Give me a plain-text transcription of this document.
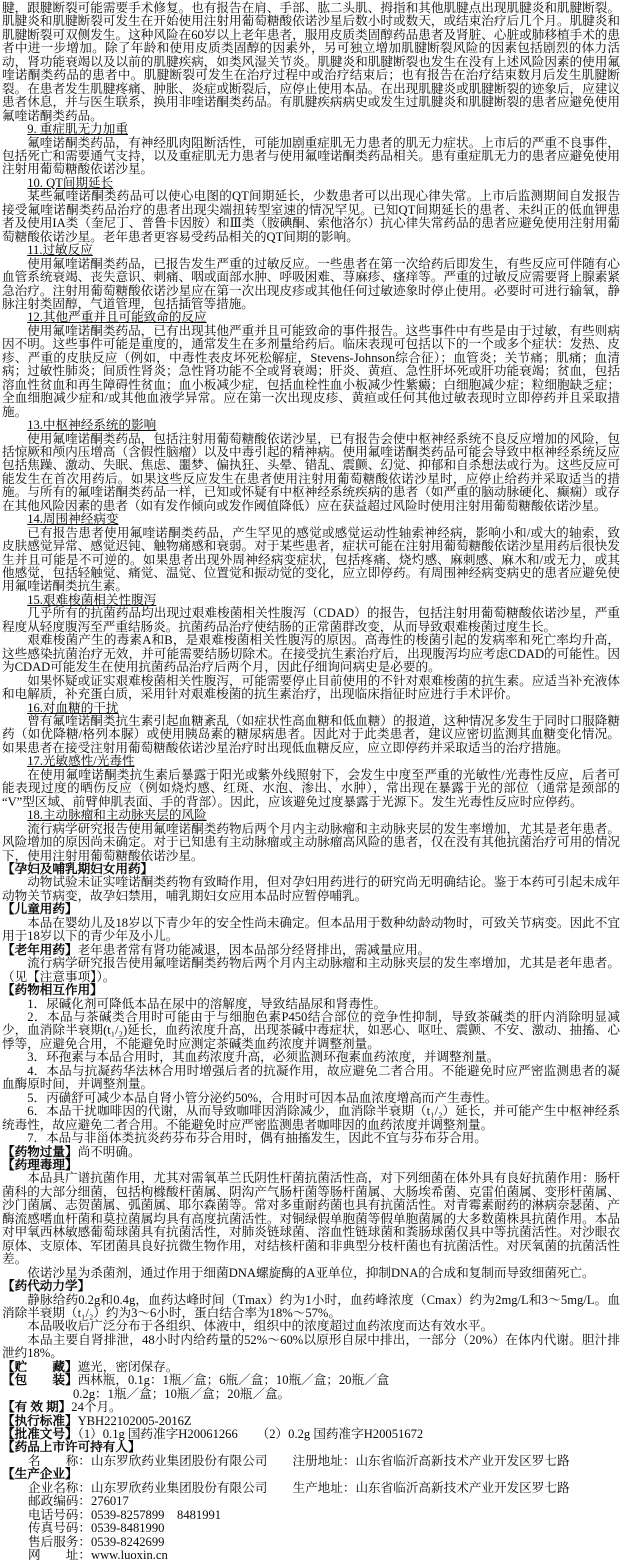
腱，跟腱断裂可能需要手术修复。也有报告在肩、手部、肱二头肌、拇指和其他肌腱点出现肌腱炎和肌腱断裂。肌腱炎和肌腱断裂可发生在开始使用注射用葡萄糖酸依诺沙星后数小时或数天，或结束治疗后几个月。肌腱炎和肌腱断裂可双侧发生。这种风险在60岁以上老年患者，服用皮质类固醇药品患者及肾脏、心脏或肺移植手术的患者中进一步增加。除了年龄和使用皮质类固醇的因素外，另可独立增加肌腱断裂风险的因素包括剧烈的体力活动，肾功能衰竭以及以前的肌腱疾病，如类风湿关节炎。肌腱炎和肌腱断裂也发生在没有上述风险因素的使用氟喹诺酮类药品的患者中。肌腱断裂可发生在治疗过程中或治疗结束后；也有报告在治疗结束数月后发生肌腱断裂。在患者发生肌腱疼痛、肿胀、炎症或断裂后，应停止使用本品。在出现肌腱炎或肌腱断裂的迹象后，应建议患者休息，并与医生联系，换用非喹诺酮类药品。有肌腱疾病病史或发生过肌腱炎和肌腱断裂的患者应避免使用氟喹诺酮类药品。
9. 重症肌无力加重
氟喹诺酮类药品，有神经肌肉阻断活性，可能加剧重症肌无力患者的肌无力症状。上市后的严重不良事件，包括死亡和需要通气支持，以及重症肌无力患者与使用氟喹诺酮类药品相关。患有重症肌无力的患者应避免使用注射用葡萄糖酸依诺沙星。
10. QT间期延长
某些氟喹诺酮类药品可以使心电图的QT间期延长，少数患者可以出现心律失常。上市后监测期间自发报告接受氟喹诺酮类药品治疗的患者出现尖端扭转型室速的情况罕见。已知QT间期延长的患者、未纠正的低血钾患者及使用IA类（奎尼丁、普鲁卡因胺）和Ⅲ类（胺碘酮、索他洛尔）抗心律失常药品的患者应避免使用注射用葡萄糖酸依诺沙星。老年患者更容易受药品相关的QT间期的影响。
11.过敏反应
使用氟喹诺酮类药品，已报告发生严重的过敏反应。一些患者在第一次给药后即发生，有些反应可伴随有心血管系统衰竭、丧失意识、刺痛、咽或面部水肿、呼吸困难、荨麻疹、瘙痒等。严重的过敏反应需要肾上腺素紧急治疗。注射用葡萄糖酸依诺沙星应在第一次出现皮疹或其他任何过敏迹象时停止使用。必要时可进行输氧，静脉注射类固醇，气道管理，包括插管等措施。
12.其他严重并且可能致命的反应
使用氟喹诺酮类药品，已有出现其他严重并且可能致命的事件报告。这些事件中有些是由于过敏，有些则病因不明。这些事件可能是重度的，通常发生在多剂量给药后。临床表现可包括以下的一个或多个症状：发热、皮疹、严重的皮肤反应（例如，中毒性表皮坏死松解症，Stevens-Johnson综合征）；血管炎；关节痛；肌痛；血清病；过敏性肺炎；间质性肾炎；急性肾功能不全或肾衰竭；肝炎、黄疸、急性肝坏死或肝功能衰竭；贫血，包括溶血性贫血和再生障碍性贫血；血小板减少症，包括血栓性血小板减少性紫癜；白细胞减少症；粒细胞缺乏症；全血细胞减少症和/或其他血液学异常。应在第一次出现皮疹、黄疸或任何其他过敏表现时立即停药并且采取措施。
13.中枢神经系统的影响
使用氟喹诺酮类药品，包括注射用葡萄糖酸依诺沙星，已有报告会使中枢神经系统不良反应增加的风险，包括惊厥和颅内压增高（含假性脑瘤）以及中毒引起的精神病。使用氟喹诺酮类药品可能会导致中枢神经系统反应包括焦躁、激动、失眠、焦虑、噩梦、偏执狂、头晕、错乱、震颤、幻觉、抑郁和自杀想法或行为。这些反应可能发生在首次用药后。如果这些反应发生在患者使用注射用葡萄糖酸依诺沙星时，应停止给药并采取适当的措施。与所有的氟喹诺酮类药品一样，已知或怀疑有中枢神经系统疾病的患者（如严重的脑动脉硬化、癫痫）或存在其他风险因素的患者（如有发作倾向或发作阈值降低）应在获益超过风险时使用注射用葡萄糖酸依诺沙星。
14.周围神经病变
已有报告患者使用氟喹诺酮类药品，产生罕见的感觉或感觉运动性轴索神经病，影响小和/或大的轴索，致皮肤感觉异常、感觉迟钝、触物痛感和衰弱。对于某些患者，症状可能在注射用葡萄糖酸依诺沙星用药后很快发生并且可能是不可逆的。如果患者出现外周神经病变症状，包括疼痛、烧灼感、麻刺感、麻木和/或无力，或其他感觉，包括轻触觉、痛觉、温觉、位置觉和振动觉的变化，应立即停药。有周围神经病变病史的患者应避免使用氟喹诺酮类抗生素。
15.艰难梭菌相关性腹泻
几乎所有的抗菌药品均出现过艰难梭菌相关性腹泻（CDAD）的报告，包括注射用葡萄糖酸依诺沙星，严重程度从轻度腹泻至严重结肠炎。抗菌药品治疗使结肠的正常菌群改变，从而导致艰难梭菌过度生长。
艰难梭菌产生的毒素A和B，是艰难梭菌相关性腹泻的原因。高毒性的梭菌引起的发病率和死亡率均升高，这些感染抗菌治疗无效，并可能需要结肠切除术。在接受抗生素治疗后，出现腹泻均应考虑CDAD的可能性。因为CDAD可能发生在使用抗菌药品治疗后两个月，因此仔细询问病史是必要的。
如果怀疑或证实艰难梭菌相关性腹泻，可能需要停止目前使用的不针对艰难梭菌的抗生素。应适当补充液体和电解质，补充蛋白质，采用针对艰难梭菌的抗生素治疗，出现临床指征时应进行手术评价。
16.对血糖的干扰
曾有氟喹诺酮类抗生素引起血糖紊乱（如症状性高血糖和低血糖）的报道，这种情况多发生于同时口服降糖药（如优降糖/格列本脲）或使用胰岛素的糖尿病患者。因此对于此类患者，建议应密切监测其血糖变化情况。如果患者在接受注射用葡萄糖酸依诺沙星治疗时出现低血糖反应，应立即停药并采取适当的治疗措施。
17.光敏感性/光毒性
在使用氟喹诺酮类抗生素后暴露于阳光或紫外线照射下，会发生中度至严重的光敏性/光毒性反应，后者可能表现过度的晒伤反应（例如烧灼感、红斑、水泡、渗出、水肿），常出现在暴露于光的部位（通常是颈部的“V”型区域、前臂伸肌表面、手的背部）。因此，应该避免过度暴露于光源下。发生光毒性反应时应停药。
18.主动脉瘤和主动脉夹层的风险
流行病学研究报告使用氟喹诺酮类药物后两个月内主动脉瘤和主动脉夹层的发生率增加，尤其是老年患者。风险增加的原因尚未确定。对于已知患有主动脉瘤或主动脉瘤高风险的患者，仅在没有其他抗菌治疗可用的情况下，使用注射用葡萄糖酸依诺沙星。
【孕妇及哺乳期妇女用药】
动物试验未证实喹诺酮类药物有致畸作用，但对孕妇用药进行的研究尚无明确结论。鉴于本药可引起未成年动物关节病变，故孕妇禁用，哺乳期妇女应用本品时应暂停哺乳。
【儿童用药】
本品在婴幼儿及18岁以下青少年的安全性尚未确定。但本品用于数种幼龄动物时，可致关节病变。因此不宜用于18岁以下的青少年及小儿。
【老年用药】老年患者常有肾功能减退，因本品部分经肾排出，需减量应用。
流行病学研究报告使用氟喹诺酮类药物后两个月内主动脉瘤和主动脉夹层的发生率增加，尤其是老年患者。（见【注意事项】）。
【药物相互作用】
1．尿碱化剂可降低本品在尿中的溶解度，导致结晶尿和肾毒性。
2．本品与茶碱类合用时可能由于与细胞色素P450结合部位的竞争性抑制，导致茶碱类的肝内消除明显减少，血消除半衰期(t₁/₂)延长，血药浓度升高，出现茶碱中毒症状，如恶心、呕吐、震颤、不安、激动、抽搐、心悸等，应避免合用，不能避免时应测定茶碱类血药浓度并调整剂量。
3．环孢素与本品合用时，其血药浓度升高，必须监测环孢素血药浓度，并调整剂量。
4．本品与抗凝药华法林合用时增强后者的抗凝作用，故应避免二者合用。不能避免时应严密监测患者的凝血酶原时间，并调整剂量。
5．丙磺舒可减少本品自肾小管分泌约50%，合用时可因本品血浓度增高而产生毒性。
6．本品干扰咖啡因的代谢，从而导致咖啡因消除减少，血消除半衰期（t₁/₂）延长，并可能产生中枢神经系统毒性，故应避免二者合用。不能避免时应严密监测患者咖啡因的血药浓度并调整剂量。
7．本品与非甾体类抗炎药芬布芬合用时，偶有抽搐发生，因此不宜与芬布芬合用。
【药物过量】尚不明确。
【药理毒理】
本品具广谱抗菌作用，尤其对需氧革兰氏阴性杆菌抗菌活性高，对下列细菌在体外具有良好抗菌作用：肠杆菌科的大部分细菌，包括枸橼酸杆菌属、阴沟产气肠杆菌等肠杆菌属、大肠埃希菌、克雷伯菌属、变形杆菌属、沙门菌属、志贺菌属、弧菌属、耶尔森菌等。常对多重耐药菌也具有抗菌活性。对青霉素耐药的淋病奈瑟菌、产酶流感嗜血杆菌和莫拉菌属均具有高度抗菌活性。对铜绿假单胞菌等假单胞菌属的大多数菌株具抗菌作用。本品对甲氧西林敏感葡萄球菌具有抗菌活性，对肺炎链球菌、溶血性链球菌和粪肠球菌仅具中等抗菌活性。对沙眼衣原体、支原体、军团菌具良好抗微生物作用，对结核杆菌和非典型分枝杆菌也有抗菌活性。对厌氧菌的抗菌活性差。
依诺沙星为杀菌剂，通过作用于细菌DNA螺旋酶的A亚单位，抑制DNA的合成和复制而导致细菌死亡。
【药代动力学】
静脉给药0.2g和0.4g，血药达峰时间（Tmax）约为1小时，血药峰浓度（Cmax）约为2mg/L和3～5mg/L。血消除半衰期（t₁/₂）约为3～6小时，蛋白结合率为18%～57%。
本品吸收后广泛分布于各组织、体液中，组织中的浓度超过血药浓度而达有效水平。
本品主要自肾排泄，48小时内给药量的52%～60%以原形自尿中排出，一部分（20%）在体内代谢。胆汁排泄约18%。
【贮　　藏】遮光，密闭保存。
【包　　装】西林瓶，0.1g：1瓶／盒；6瓶／盒；10瓶／盒；20瓶／盒
0.2g：1瓶／盒；10瓶／盒；20瓶／盒。
【有 效 期】24个月。
【执行标准】YBH22102005-2016Z
【批准文号】（1）0.1g 国药准字H20061266　　（2）0.2g 国药准字H20051672
【药品上市许可持有人】
名　　称：山东罗欣药业集团股份有限公司　　注册地址：山东省临沂高新技术产业开发区罗七路
【生产企业】
企业名称：山东罗欣药业集团股份有限公司　　生产地址：山东省临沂高新技术产业开发区罗七路
邮政编码：276017
电话号码：0539-8257899　8481991
传真号码：0539-8481990
售后服务：0539-8242699
网　　址：www.luoxin.cn
